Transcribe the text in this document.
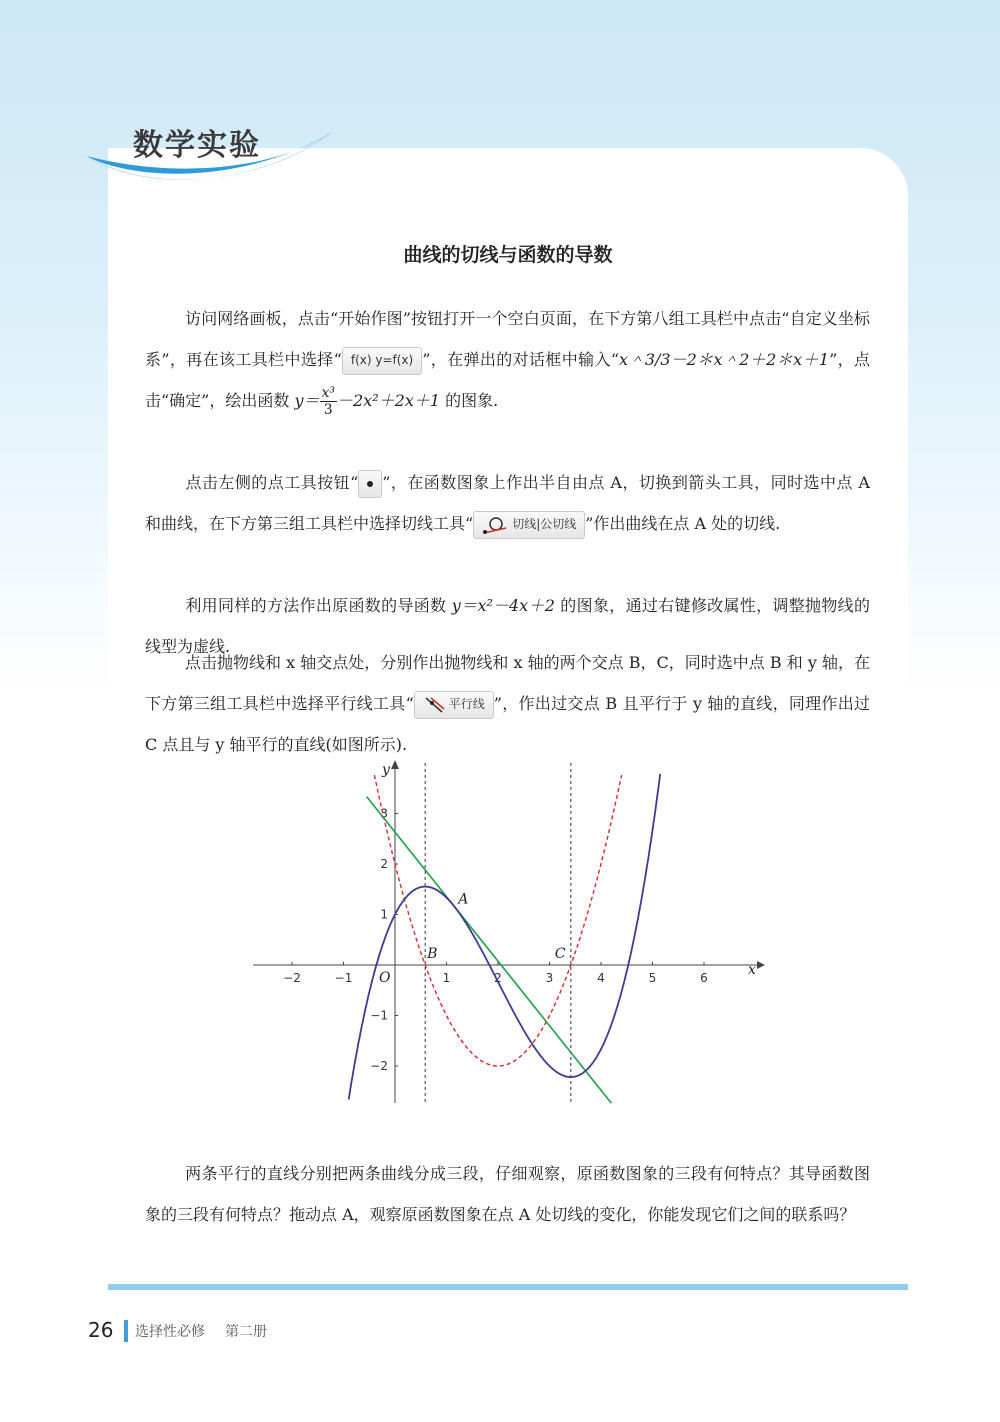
数学实验
曲线的切线与函数的导数

访问网络画板，点击“开始作图”按钮打开一个空白页面，在下方第八组工具栏中点击“自定义坐标系”，再在该工具栏中选择“ f(x) y=f(x) ”，在弹出的对话框中输入“x＾3/3－2＊x＾2＋2＊x＋1”，点击“确定”，绘出函数 $y= \frac{\text{x³}}{3} -2x^2+2x+1$ 的图象.

点击左侧的点工具按钮“ ”，在函数图象上作出半自由点 A，切换到箭头工具，同时选中点 A 和曲线，在下方第三组工具栏中选择切线工具“	切线|公切线 ”作出曲线在点 A 处的切线.

利用同样的方法作出原函数的导函数 y＝x²－4x＋2 的图象，通过右键修改属性，调整抛物线的线型为虚线.

点击抛物线和 x 轴交点处，分别作出抛物线和 x 轴的两个交点 B，C，同时选中点 B 和 y 轴，在下方第三组工具栏中选择平行线工具“	平行线 ”，作出过交点 B 且平行于 y 轴的直线，同理作出过 C 点且与 y 轴平行的直线(如图所示).

−2	−1	1	2	3	4	5	6
−2
−1
1
2
3
A
B	C
O	x
y

两条平行的直线分别把两条曲线分成三段，仔细观察，原函数图象的三段有何特点？其导函数图象的三段有何特点？拖动点 A，观察原函数图象在点 A 处切线的变化，你能发现它们之间的联系吗？

26 选择性必修 第二册
